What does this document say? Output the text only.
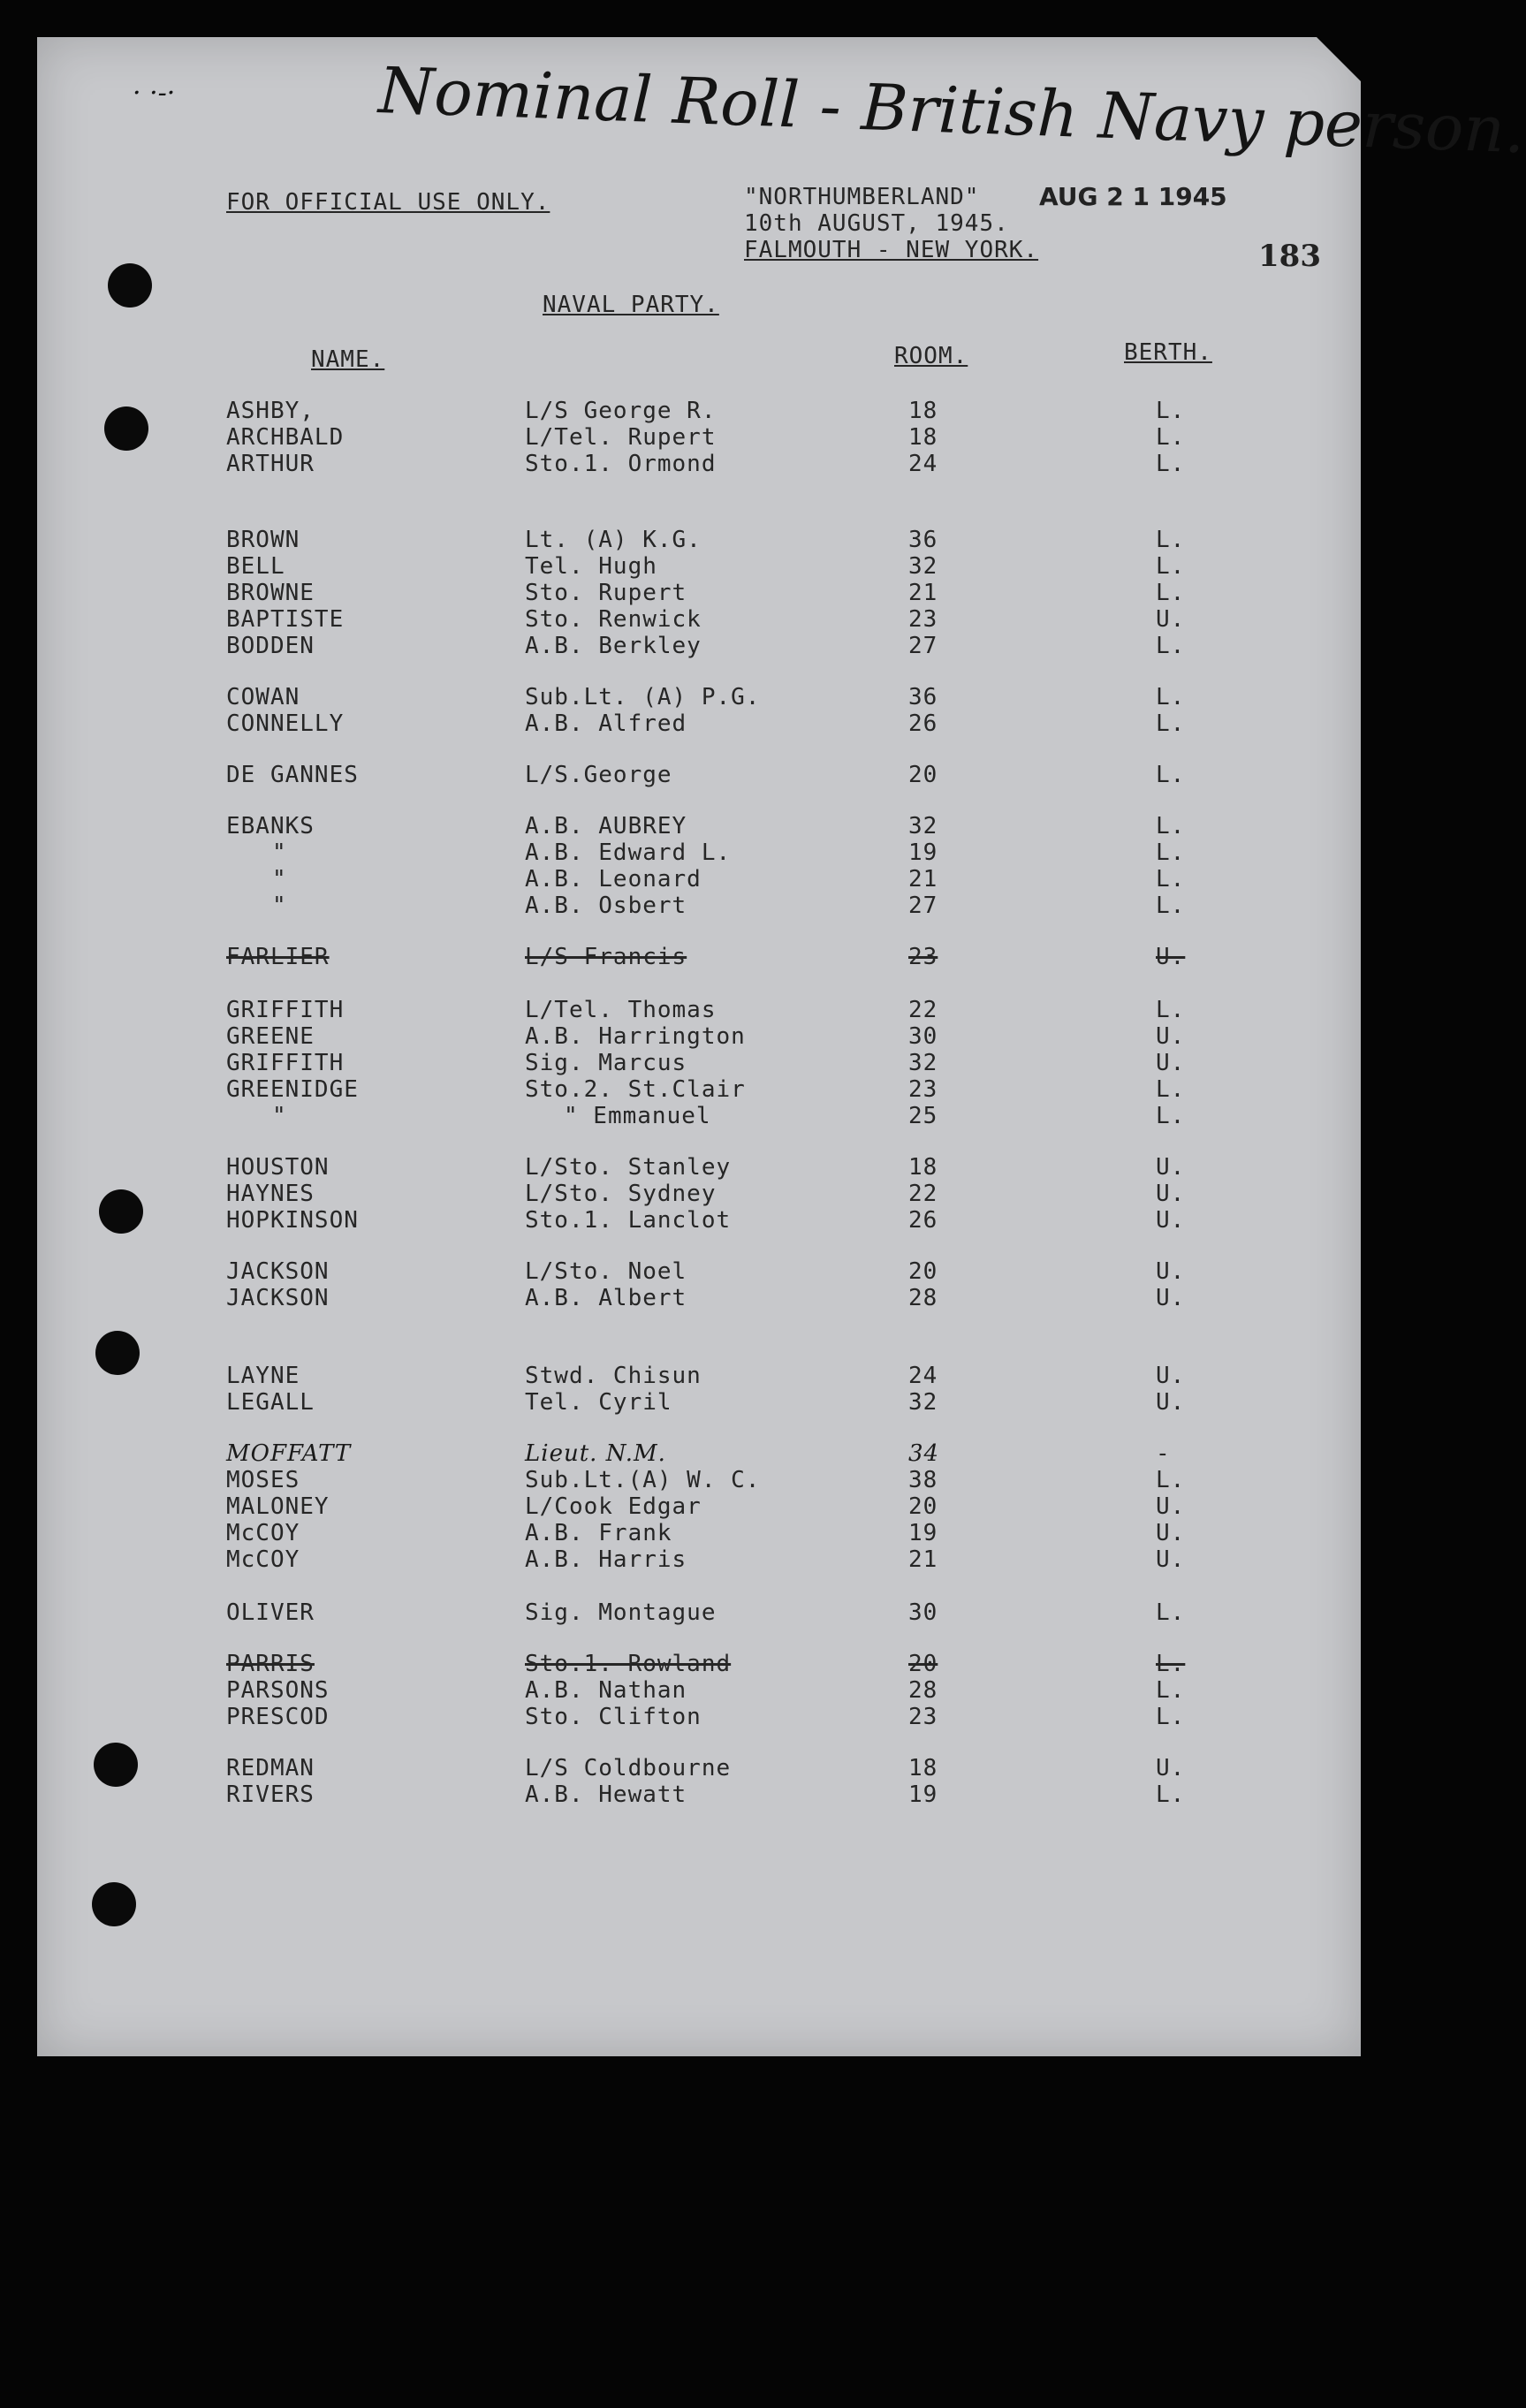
· ·-·	Nominal Roll - British Navy person.
FOR OFFICIAL USE ONLY.	"NORTHUMBERLAND" AUG 2 1 1945
10th AUGUST, 1945.
FALMOUTH - NEW YORK.	183
NAVAL PARTY.
NAME.	ROOM.	BERTH.
ASHBY,	L/S George R.	18	L.
ARCHBALD	L/Tel. Rupert	18	L.
ARTHUR	Sto.1. Ormond	24	L.
BROWN	Lt. (A) K.G.	36	L.
BELL	Tel. Hugh	32	L.
BROWNE	Sto. Rupert	21	L.
BAPTISTE	Sto. Renwick	23	U.
BODDEN	A.B. Berkley	27	L.
COWAN	Sub.Lt. (A) P.G.	36	L.
CONNELLY	A.B. Alfred	26	L.
DE GANNES	L/S.George	20	L.
EBANKS	A.B. AUBREY	32	L.
"	A.B. Edward L.	19	L.
"	A.B. Leonard	21	L.
"	A.B. Osbert	27	L.
FARLIER	L/S Francis	23	U.
GRIFFITH	L/Tel. Thomas	22	L.
GREENE	A.B. Harrington	30	U.
GRIFFITH	Sig. Marcus	32	U.
GREENIDGE	Sto.2. St.Clair	23	L.
"	" Emmanuel	25	L.
HOUSTON	L/Sto. Stanley	18	U.
HAYNES	L/Sto. Sydney	22	U.
HOPKINSON	Sto.1. Lanclot	26	U.
JACKSON	L/Sto. Noel	20	U.
JACKSON	A.B. Albert	28	U.
LAYNE	Stwd. Chisun	24	U.
LEGALL	Tel. Cyril	32	U.
MOFFATT	Lieut. N.M.	34	-
MOSES	Sub.Lt.(A) W. C.	38	L.
MALONEY	L/Cook Edgar	20	U.
McCOY	A.B. Frank	19	U.
McCOY	A.B. Harris	21	U.
OLIVER	Sig. Montague	30	L.
PARRIS	Sto.1. Rowland	20	L.
PARSONS	A.B. Nathan	28	L.
PRESCOD	Sto. Clifton	23	L.
REDMAN	L/S Coldbourne	18	U.
RIVERS	A.B. Hewatt	19	L.
